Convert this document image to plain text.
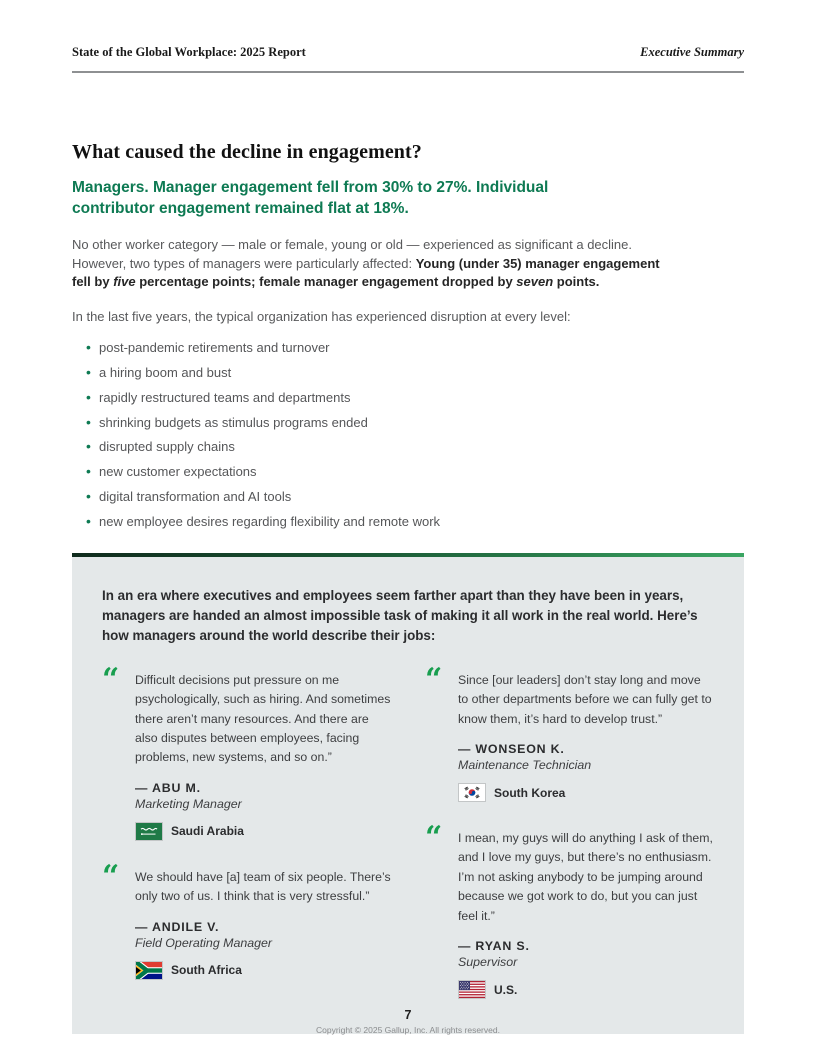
State of the Global Workplace: 2025 Report	Executive Summary
What caused the decline in engagement?
Managers. Manager engagement fell from 30% to 27%. Individual contributor engagement remained flat at 18%.

No other worker category — male or female, young or old — experienced as significant a decline. However, two types of managers were particularly affected: Young (under 35) manager engagement fell by five percentage points; female manager engagement dropped by seven points.

In the last five years, the typical organization has experienced disruption at every level:

• post-pandemic retirements and turnover
• a hiring boom and bust
• rapidly restructured teams and departments
• shrinking budgets as stimulus programs ended
• disrupted supply chains
• new customer expectations
• digital transformation and AI tools
• new employee desires regarding flexibility and remote work
In an era where executives and employees seem farther apart than they have been in years, managers are handed an almost impossible task of making it all work in the real world. Here’s how managers around the world describe their jobs:
“	Difficult decisions put pressure on me psychologically, such as hiring. And sometimes there aren’t many resources. And there are also disputes between employees, facing problems, new systems, and so on.”
— ABU M.
Marketing Manager
Saudi Arabia
“	We should have [a] team of six people. There’s only two of us. I think that is very stressful.”
— ANDILE V.
Field Operating Manager
South Africa
“	Since [our leaders] don’t stay long and move to other departments before we can fully get to know them, it’s hard to develop trust.”
— WONSEON K.
Maintenance Technician
South Korea
“	I mean, my guys will do anything I ask of them, and I love my guys, but there’s no enthusiasm. I’m not asking anybody to be jumping around because we got work to do, but you can just feel it.”
— RYAN S.
Supervisor
U.S.
7
Copyright © 2025 Gallup, Inc. All rights reserved.
